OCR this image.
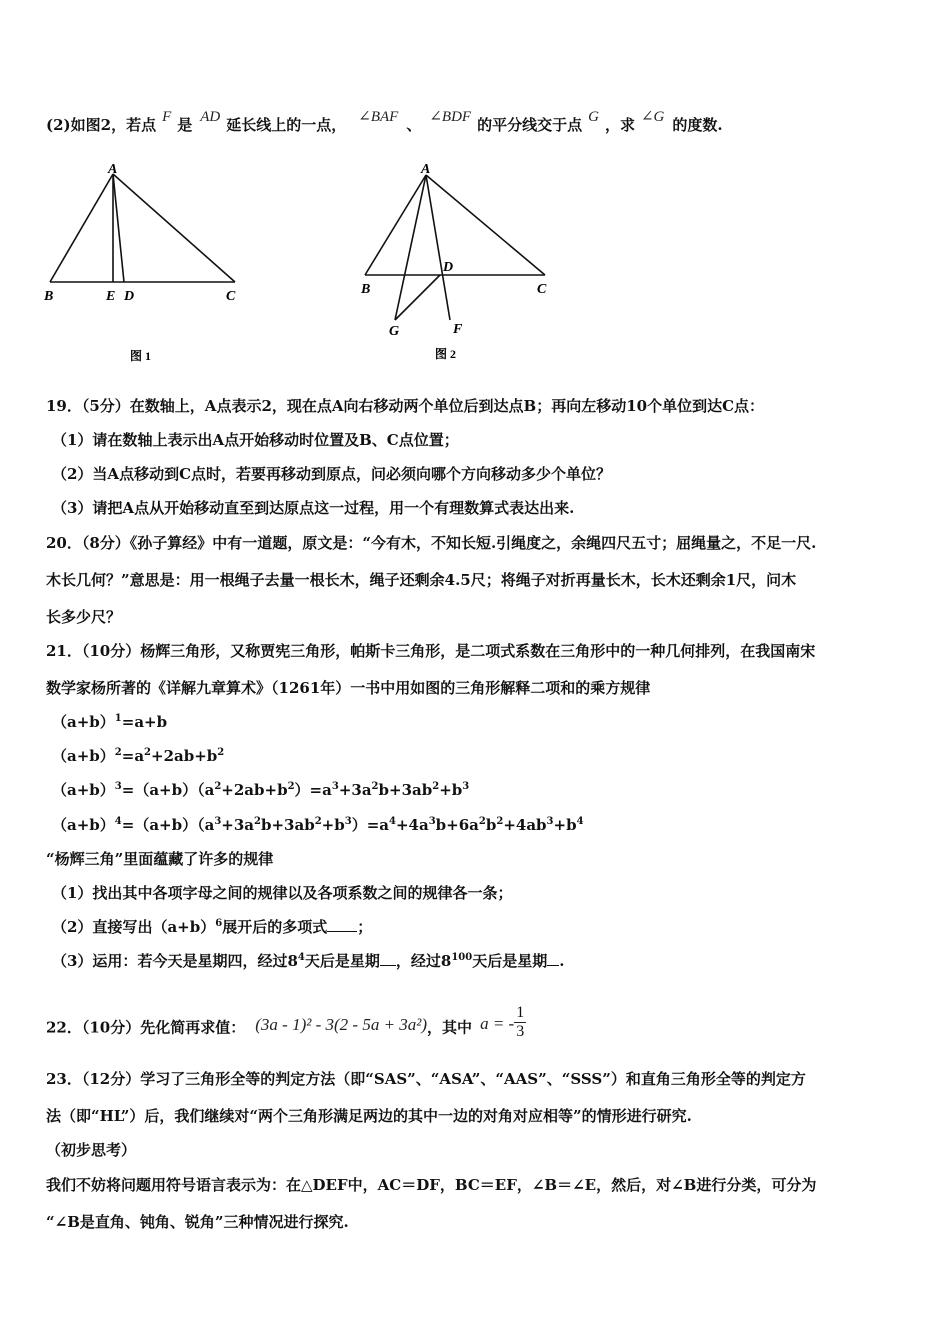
(2)如图2，若点 F 是 AD 延长线上的一点， ∠BAF 、 ∠BDF 的平分线交于点 G ，求 ∠G 的度数.
A
B	E D	C
图 1
A
B
D
C
G	F
图 2
19．（5分）在数轴上，A点表示2，现在点A向右移动两个单位后到达点B；再向左移动10个单位到达C点：
（1）请在数轴上表示出A点开始移动时位置及B、C点位置；
（2）当A点移动到C点时，若要再移动到原点，问必须向哪个方向移动多少个单位？
（3）请把A点从开始移动直至到达原点这一过程，用一个有理数算式表达出来.
20．（8分）《孙子算经》中有一道题，原文是：“今有木，不知长短.引绳度之，余绳四尺五寸；屈绳量之，不足一尺.
木长几何？”意思是：用一根绳子去量一根长木，绳子还剩余4.5尺；将绳子对折再量长木，长木还剩余1尺，问木
长多少尺？
21．（10分）杨辉三角形，又称贾宪三角形，帕斯卡三角形，是二项式系数在三角形中的一种几何排列，在我国南宋
数学家杨所著的《详解九章算术》（1261年）一书中用如图的三角形解释二项和的乘方规律
$(a+b)^1=a+b$
$(a+b)^2=a^2+2ab+b^2$
$(a+b)^3=(a+b)(a^2+2ab+b^2)=a^3+3a^2b+3ab^2+b^3$
$(a+b)^4=(a+b)(a^3+3a^2b+3ab^2+b^3)=a^4+4a^3b+6a^2b^2+4ab^3+b^4$
“杨辉三角”里面蕴藏了许多的规律
（1）找出其中各项字母之间的规律以及各项系数之间的规律各一条；
（2）直接写出$(a+b)^6$展开后的多项式 ；
（3）运用：若今天是星期四，经过$8^4$天后是星期 ，经过$8^{100}$天后是星期 .
22．（10分）先化简再求值： (3a - 1)² - 3(2 - 5a + 3a²)，其中 a = - $\frac{1}{3}$
23．（12分）学习了三角形全等的判定方法（即“SAS”、“ASA”、“AAS”、“SSS”）和直角三角形全等的判定方
法（即“HL”）后，我们继续对“两个三角形满足两边的其中一边的对角对应相等”的情形进行研究.
（初步思考）
我们不妨将问题用符号语言表示为：在△DEF中，AC＝DF，BC＝EF，∠B＝∠E，然后，对∠B进行分类，可分为
“∠B是直角、钝角、锐角”三种情况进行探究.
